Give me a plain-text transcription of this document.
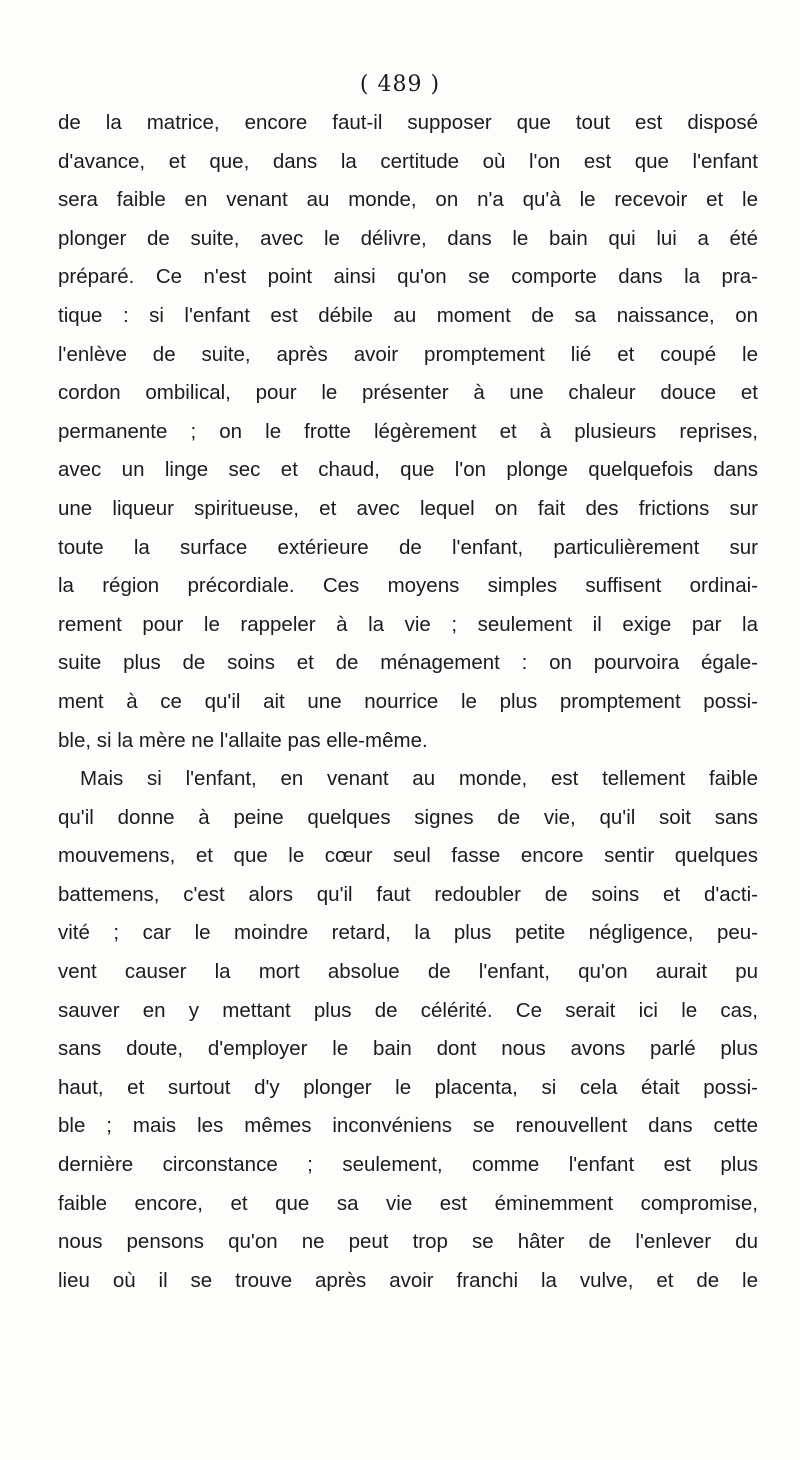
( 489 )
de la matrice, encore faut-il supposer que tout est disposé
d'avance, et que, dans la certitude où l'on est que l'enfant
sera faible en venant au monde, on n'a qu'à le recevoir et le
plonger de suite, avec le délivre, dans le bain qui lui a été
préparé. Ce n'est point ainsi qu'on se comporte dans la pra-
tique : si l'enfant est débile au moment de sa naissance, on
l'enlève de suite, après avoir promptement lié et coupé le
cordon ombilical, pour le présenter à une chaleur douce et
permanente ; on le frotte légèrement et à plusieurs reprises,
avec un linge sec et chaud, que l'on plonge quelquefois dans
une liqueur spiritueuse, et avec lequel on fait des frictions sur
toute la surface extérieure de l'enfant, particulièrement sur
la région précordiale. Ces moyens simples suffisent ordinai-
rement pour le rappeler à la vie ; seulement il exige par la
suite plus de soins et de ménagement : on pourvoira égale-
ment à ce qu'il ait une nourrice le plus promptement possi-
ble, si la mère ne l'allaite pas elle-même.
Mais si l'enfant, en venant au monde, est tellement faible
qu'il donne à peine quelques signes de vie, qu'il soit sans
mouvemens, et que le cœur seul fasse encore sentir quelques
battemens, c'est alors qu'il faut redoubler de soins et d'acti-
vité ; car le moindre retard, la plus petite négligence, peu-
vent causer la mort absolue de l'enfant, qu'on aurait pu
sauver en y mettant plus de célérité. Ce serait ici le cas,
sans doute, d'employer le bain dont nous avons parlé plus
haut, et surtout d'y plonger le placenta, si cela était possi-
ble ; mais les mêmes inconvéniens se renouvellent dans cette
dernière circonstance ; seulement, comme l'enfant est plus
faible encore, et que sa vie est éminemment compromise,
nous pensons qu'on ne peut trop se hâter de l'enlever du
lieu où il se trouve après avoir franchi la vulve, et de le
